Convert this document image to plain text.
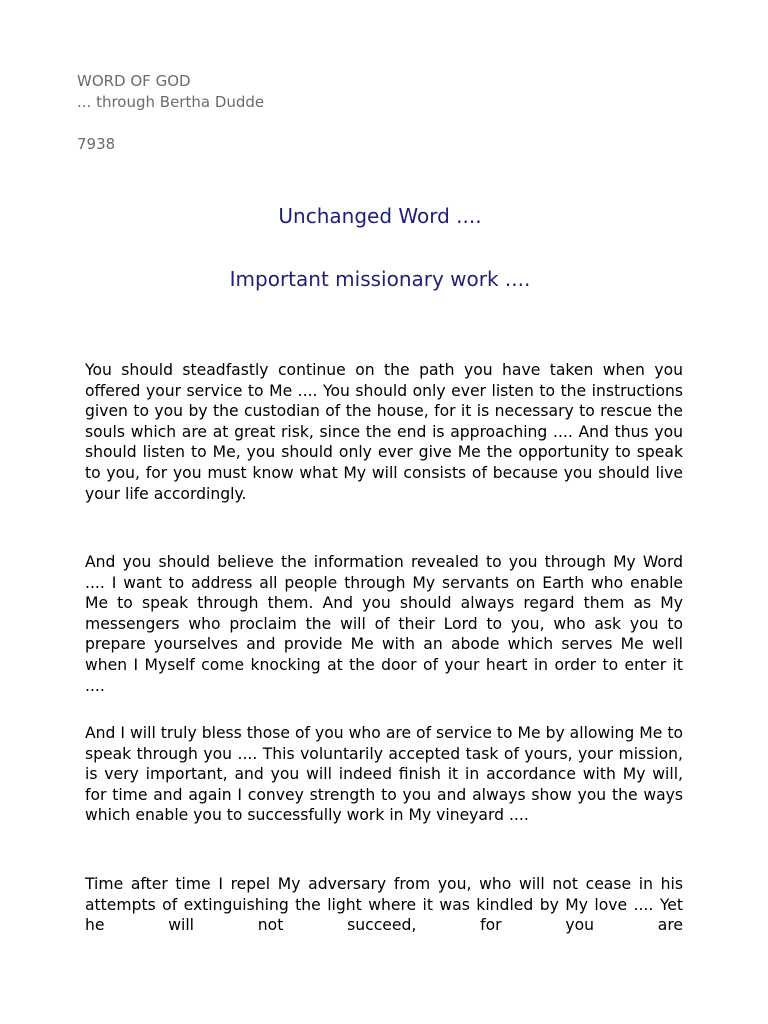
WORD OF GOD
... through Bertha Dudde
7938
Unchanged Word ....
Important missionary work ....
You should steadfastly continue on the path you have taken when you offered your service to Me .... You should only ever listen to the instructions given to you by the custodian of the house, for it is necessary to rescue the souls which are at great risk, since the end is approaching .... And thus you should listen to Me, you should only ever give Me the opportunity to speak to you, for you must know what My will consists of because you should live your life accordingly.
And you should believe the information revealed to you through My Word .... I want to address all people through My servants on Earth who enable Me to speak through them. And you should always regard them as My messengers who proclaim the will of their Lord to you, who ask you to prepare yourselves and provide Me with an abode which serves Me well when I Myself come knocking at the door of your heart in order to enter it ....
And I will truly bless those of you who are of service to Me by allowing Me to speak through you .... This voluntarily accepted task of yours, your mission, is very important, and you will indeed finish it in accordance with My will, for time and again I convey strength to you and always show you the ways which enable you to successfully work in My vineyard ....
Time after time I repel My adversary from you, who will not cease in his attempts of extinguishing the light where it was kindled by My love .... Yet he will not succeed, for you are
